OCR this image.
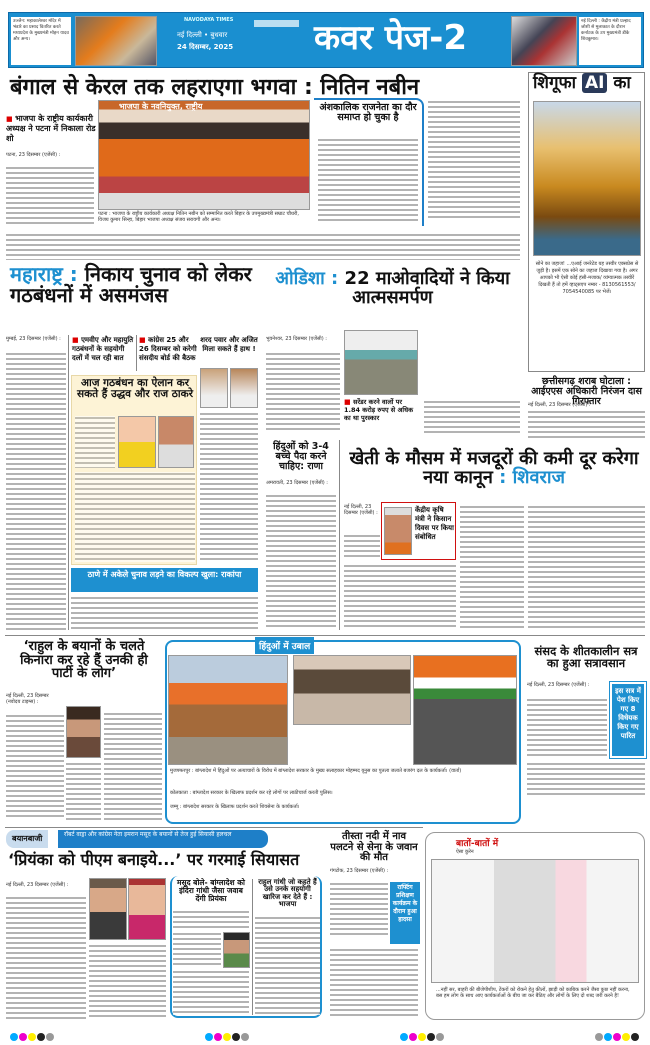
उज्जैन: महाकालेश्वर मंदिर में भंडारे का प्रसाद वितरित करते मध्यप्रदेश के मुख्यमंत्री मोहन यादव और अन्य।
NAVODAYA TIMES
नई दिल्ली • बुधवार
24 दिसम्बर, 2025 कवर पेज-2	नई दिल्ली : केंद्रीय मंत्री प्रल्हाद जोशी से मुलाकात के दौरान कर्नाटक के उप मुख्यमंत्री डीके शिवकुमार।
बंगाल से केरल तक लहराएगा भगवा : नितिन नबीन
■ भाजपा के राष्ट्रीय कार्यकारी अध्यक्ष ने पटना में निकाला रोड शो
पटना, 23 दिसम्बर (एजेंसी) :
भाजपा के नवनियुक्त, राष्ट्रीय
पटना : भाजपा के राष्ट्रीय कार्यकारी अध्यक्ष नितिन नबीन को सम्मानित करते बिहार के उपमुख्यमंत्री सम्राट चौधरी, विजय कुमार सिन्हा, बिहार भाजपा अध्यक्ष संजय सरावगी और अन्य।
अंशकालिक राजनेता का दौर समाप्त हो चुका है
शिगूफा AI का
सोने का जहाज! ...एआई जनरेटेड यह तस्वीर एक्सप्रेस से जुड़ी है। इसमें एक सोने का जहाज दिखाया गया है। अगर आपको भी ऐसी कोई हंसी-मजाक/ व्यंग्यात्मक तस्वीरें दिखती हैं तो हमें व्हाट्सएप नम्बर - 8130561553/ 7054540085 पर भेजें।
महाराष्ट्र : निकाय चुनाव को लेकर गठबंधनों में असमंजस
मुम्बई, 23 दिसम्बर (एजेंसी) :	■ एमवीए और महायुति गठबंधनों के सहयोगी दलों में चल रही बात
■ कांग्रेस 25 और 26 दिसम्बर को करेगी संसदीय बोर्ड की बैठक
शरद पवार और अजित मिला सकते हैं हाथ !
आज गठबंधन का ऐलान कर सकते हैं उद्धव और राज ठाकरे
ठाणे में अकेले चुनाव लड़ने का विकल्प खुला: राकांपा
ओडिशा : 22 माओवादियों ने किया आत्मसमर्पण
भुवनेश्वर, 23 दिसम्बर (एजेंसी) :
■ सरेंडर करने वालों पर 1.84 करोड़ रुपए से अधिक का था पुरस्कार
छत्तीसगढ़ शराब घोटाला : आईएएस अधिकारी निरंजन दास गिरफ्तार
नई दिल्ली, 23 दिसम्बर (एजेंसी) :
हिंदुओं को 3-4 बच्चे पैदा करने चाहिए: राणा
अमरावती, 23 दिसम्बर (एजेंसी) :
खेती के मौसम में मजदूरों की कमी दूर करेगा नया कानून : शिवराज
नई दिल्ली, 23 दिसम्बर (एजेंसी) :	केंद्रीय कृषि मंत्री ने किसान दिवस पर किया संबोधित
‘राहुल के बयानों के चलते किनारा कर रहे हैं उनकी ही पार्टी के लोग’
नई दिल्ली, 23 दिसम्बर (नवोदय टाइम्स) :
हिंदुओं में उबाल
मुजफ्फरपुर : बांग्लादेश में हिंदुओं पर अत्याचारों के विरोध में बांग्लादेश सरकार के मुख्य सलाहकार मोहम्मद यूनुस का पुतला जलाते बजरंग दल के कार्यकर्ता। (वार्ता)
कोलकाता : बांग्लादेश सरकार के खिलाफ प्रदर्शन कर रहे लोगों पर लाठीचार्ज करती पुलिस।
जम्मू : बांग्लादेश सरकार के खिलाफ प्रदर्शन करते शिवसेना के कार्यकर्ता।
संसद के शीतकालीन सत्र का हुआ सत्रावसान
नई दिल्ली, 23 दिसम्बर (एजेंसी) :
इस सत्र में पेश किए गए 8 विधेयक किए गए पारित
बयानबाजी	रॉबर्ट वाड्रा और कांग्रेस नेता इमरान मसूद के बयानों से तेज हुई सियासी हलचल
‘प्रियंका को पीएम बनाइये...’ पर गरमाई सियासत
नई दिल्ली, 23 दिसम्बर (एजेंसी) :	मसूद बोले- बांग्लादेश को इंदिरा गांधी जैसा जवाब देंगी प्रियंका
राहुल गांधी जो कहते हैं उसे उनके सहयोगी खारिज कर देते हैं : भाजपा
तीस्ता नदी में नाव पलटने से सेना के जवान की मौत
गंगटोक, 23 दिसम्बर (एजेंसी) :
राफ्टिंग प्रशिक्षण कार्यक्रम के दौरान हुआ हादसा
बातों-बातों में
ऐसा कुरेन
...नहीं सर, बाहरी की बीजेपीशीप, टेंकरों को रोकने हेतु कीलों, झाड़ी को काबिक करने जैसा कुछ नहीं करना, बस हम लोग के साथ आए कार्यकर्ताओं के बीच जा कर बैठिए और लोगों के लिए दो शब्द जरी करने है!
